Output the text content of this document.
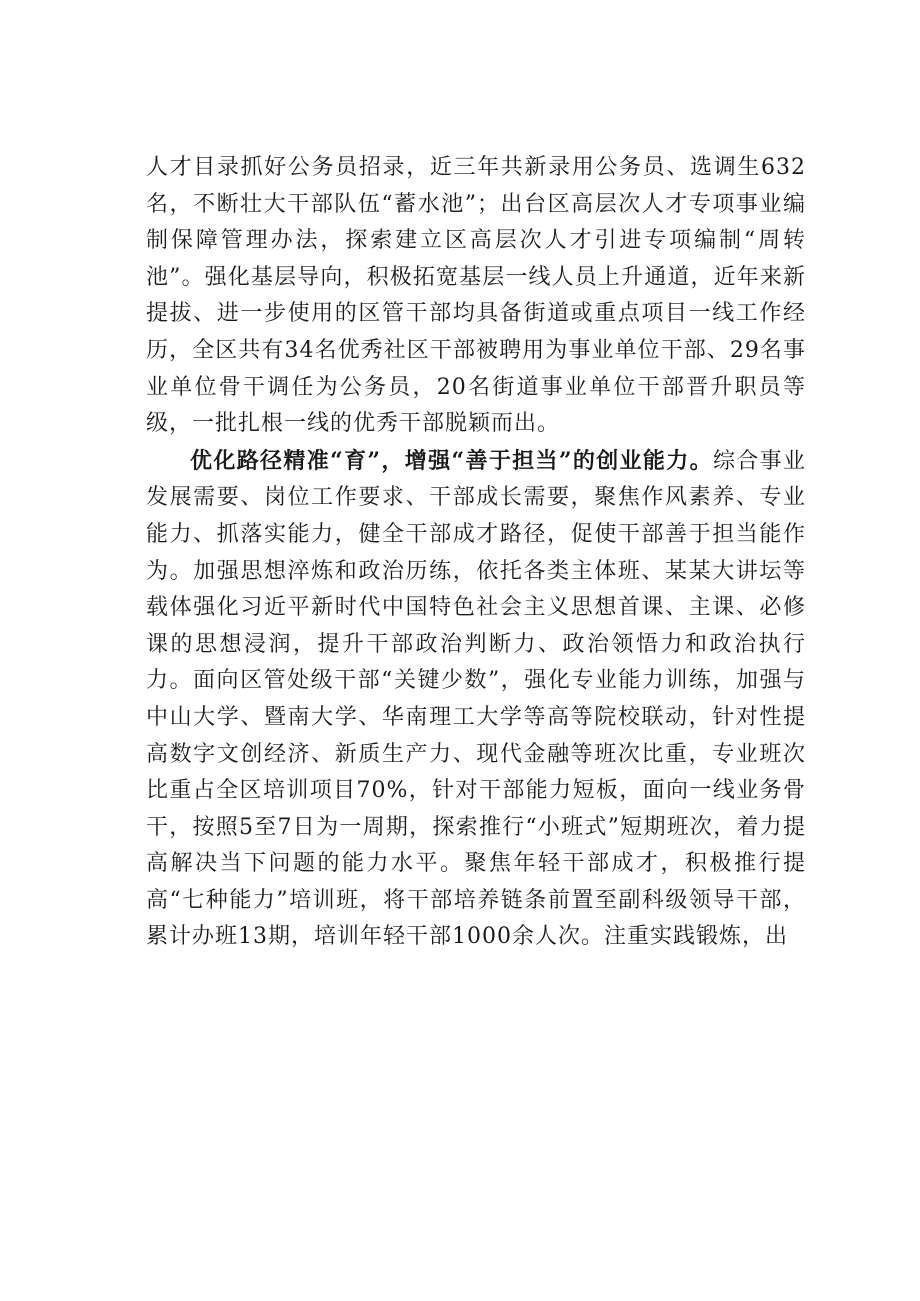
人才目录抓好公务员招录，近三年共新录用公务员、选调生632名，不断壮大干部队伍“蓄水池”；出台区高层次人才专项事业编制保障管理办法，探索建立区高层次人才引进专项编制“周转池”。强化基层导向，积极拓宽基层一线人员上升通道，近年来新提拔、进一步使用的区管干部均具备街道或重点项目一线工作经历，全区共有34名优秀社区干部被聘用为事业单位干部、29名事业单位骨干调任为公务员，20名街道事业单位干部晋升职员等级，一批扎根一线的优秀干部脱颖而出。

优化路径精准“育”，增强“善于担当”的创业能力。综合事业发展需要、岗位工作要求、干部成长需要，聚焦作风素养、专业能力、抓落实能力，健全干部成才路径，促使干部善于担当能作为。加强思想淬炼和政治历练，依托各类主体班、某某大讲坛等载体强化习近平新时代中国特色社会主义思想首课、主课、必修课的思想浸润，提升干部政治判断力、政治领悟力和政治执行力。面向区管处级干部“关键少数”，强化专业能力训练，加强与中山大学、暨南大学、华南理工大学等高等院校联动，针对性提高数字文创经济、新质生产力、现代金融等班次比重，专业班次比重占全区培训项目70%，针对干部能力短板，面向一线业务骨干，按照5至7日为一周期，探索推行“小班式”短期班次，着力提高解决当下问题的能力水平。聚焦年轻干部成才，积极推行提高“七种能力”培训班，将干部培养链条前置至副科级领导干部，累计办班13期，培训年轻干部1000余人次。注重实践锻炼，出
